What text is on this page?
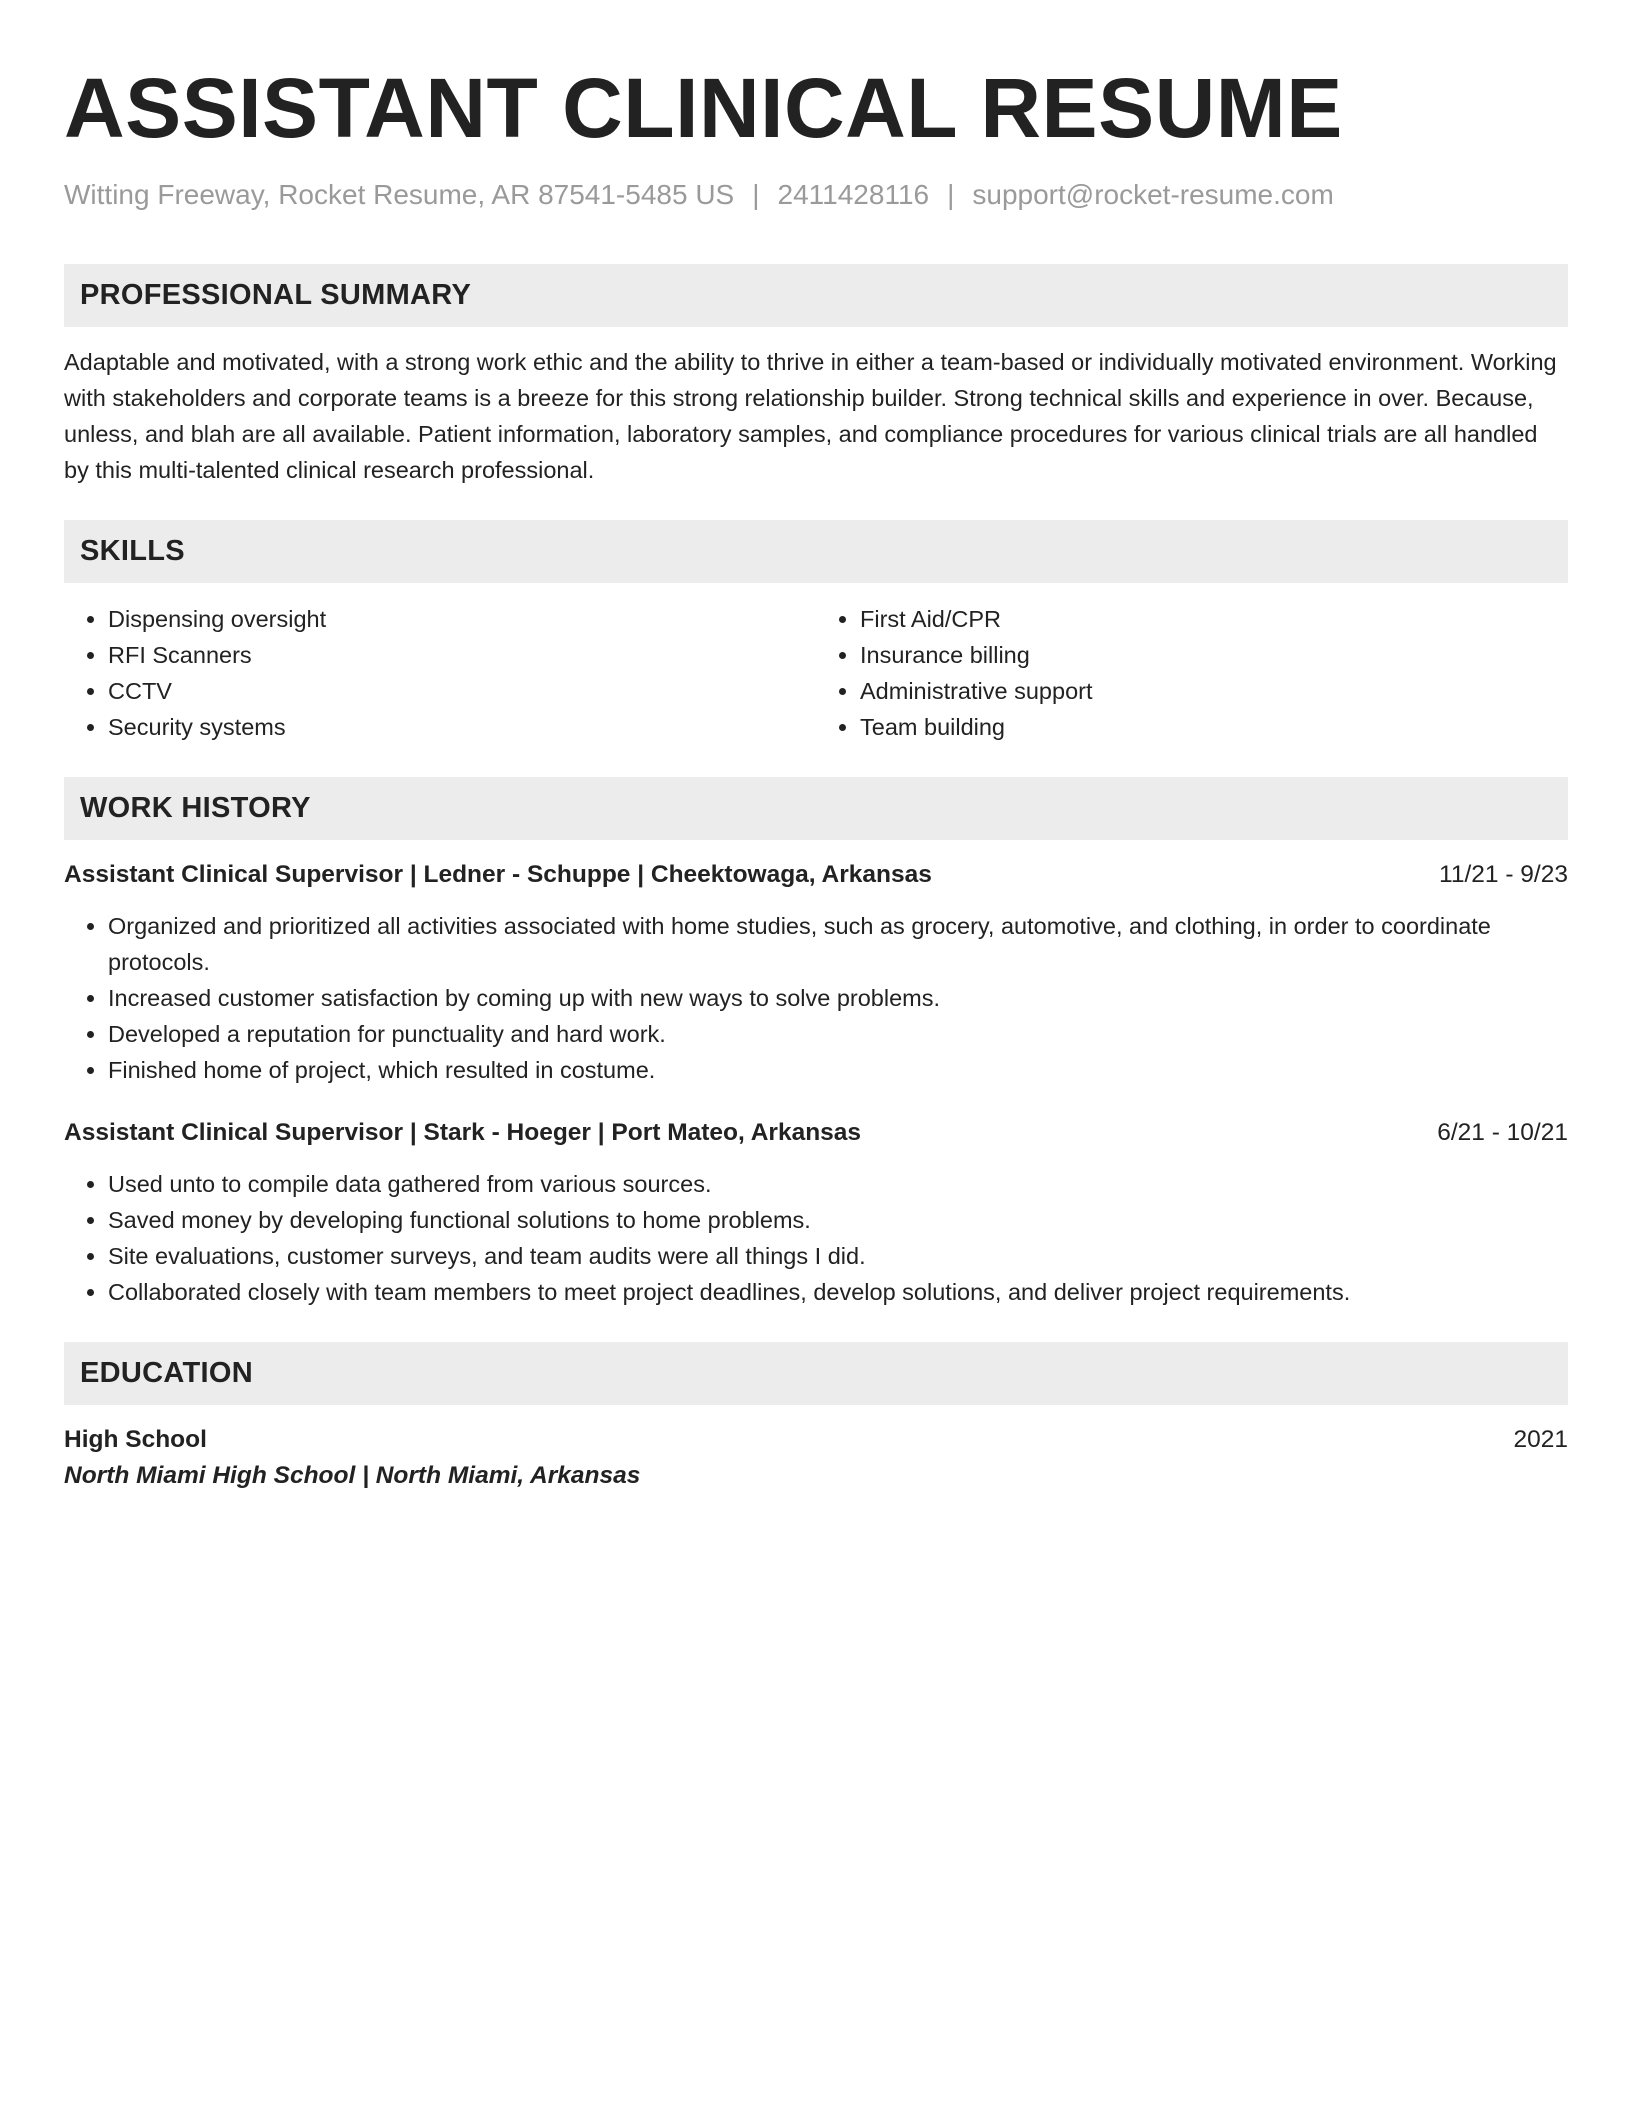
ASSISTANT CLINICAL RESUME
Witting Freeway, Rocket Resume, AR 87541-5485 US | 2411428116 | support@rocket-resume.com
PROFESSIONAL SUMMARY
Adaptable and motivated, with a strong work ethic and the ability to thrive in either a team-based or individually motivated environment. Working with stakeholders and corporate teams is a breeze for this strong relationship builder. Strong technical skills and experience in over. Because, unless, and blah are all available. Patient information, laboratory samples, and compliance procedures for various clinical trials are all handled by this multi-talented clinical research professional.
SKILLS
• Dispensing oversight
• RFI Scanners
• CCTV
• Security systems
• First Aid/CPR
• Insurance billing
• Administrative support
• Team building
WORK HISTORY
Assistant Clinical Supervisor | Ledner - Schuppe | Cheektowaga, Arkansas	11/21 - 9/23
• Organized and prioritized all activities associated with home studies, such as grocery, automotive, and clothing, in order to coordinate protocols.
• Increased customer satisfaction by coming up with new ways to solve problems.
• Developed a reputation for punctuality and hard work.
• Finished home of project, which resulted in costume.
Assistant Clinical Supervisor | Stark - Hoeger | Port Mateo, Arkansas	6/21 - 10/21
• Used unto to compile data gathered from various sources.
• Saved money by developing functional solutions to home problems.
• Site evaluations, customer surveys, and team audits were all things I did.
• Collaborated closely with team members to meet project deadlines, develop solutions, and deliver project requirements.
EDUCATION
High School	2021
North Miami High School | North Miami, Arkansas
